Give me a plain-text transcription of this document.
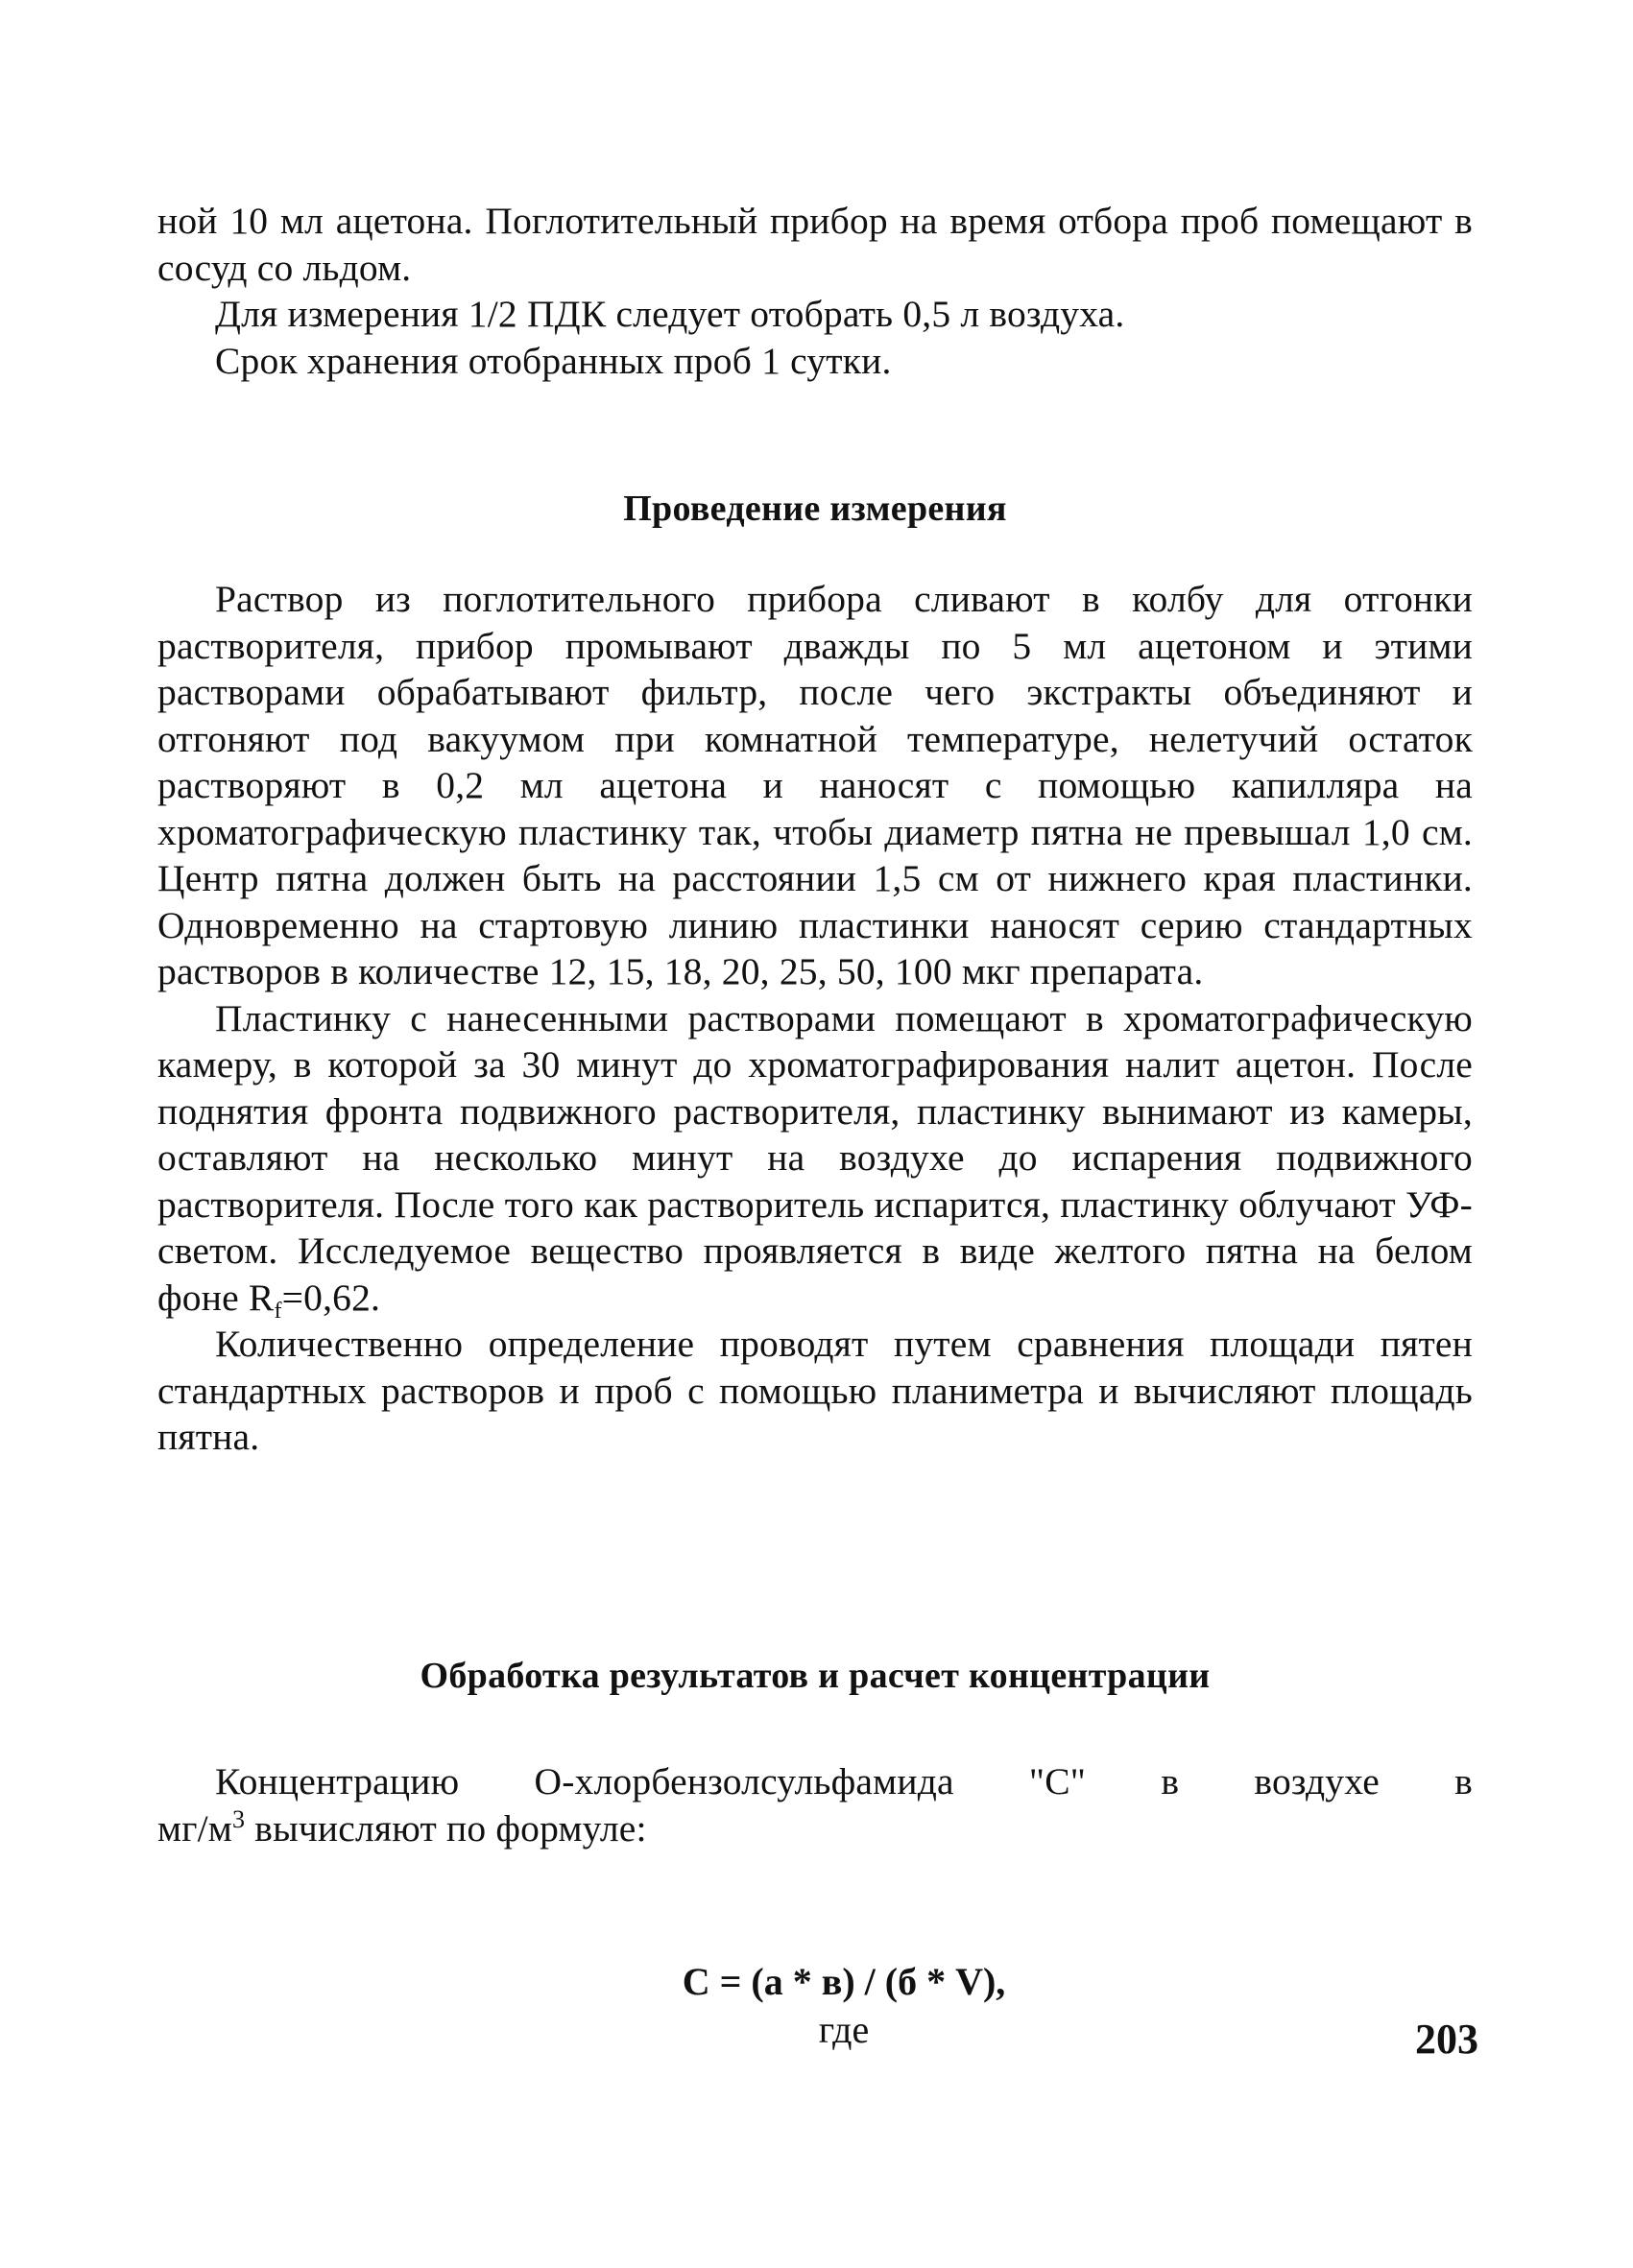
ной 10 мл ацетона. Поглотительный прибор на время отбора проб помещают в сосуд со льдом.

Для измерения 1/2 ПДК следует отобрать 0,5 л воздуха.

Срок хранения отобранных проб 1 сутки.

Проведение измерения

Раствор из поглотительного прибора сливают в колбу для отгонки растворителя, прибор промывают дважды по 5 мл ацетоном и этими растворами обрабатывают фильтр, после чего экстракты объединяют и отгоняют под вакуумом при комнатной температуре, нелетучий остаток растворяют в 0,2 мл ацетона и наносят с помощью капилляра на хроматографическую пластинку так, чтобы диаметр пятна не превышал 1,0 см. Центр пятна должен быть на расстоянии 1,5 см от нижнего края пластинки. Одновременно на стартовую линию пластинки наносят серию стандартных растворов в количестве 12, 15, 18, 20, 25, 50, 100 мкг препарата.

Пластинку с нанесенными растворами помещают в хроматографическую камеру, в которой за 30 минут до хроматографирования налит ацетон. После поднятия фронта подвижного растворителя, пластинку вынимают из камеры, оставляют на несколько минут на воздухе до испарения подвижного растворителя. После того как растворитель испарится, пластинку облучают УФ-светом. Исследуемое вещество проявляется в виде желтого пятна на белом фоне $R_f=0,62$.

Количественно определение проводят путем сравнения площади пятен стандартных растворов и проб с помощью планиметра и вычисляют площадь пятна.

Обработка результатов и расчет концентрации

Концентрацию О-хлорбензолсульфамида "С" в воздухе в

$мг/м^3$ вычисляют по формуле:

С = (а * в) / (б * V),
где
	203
